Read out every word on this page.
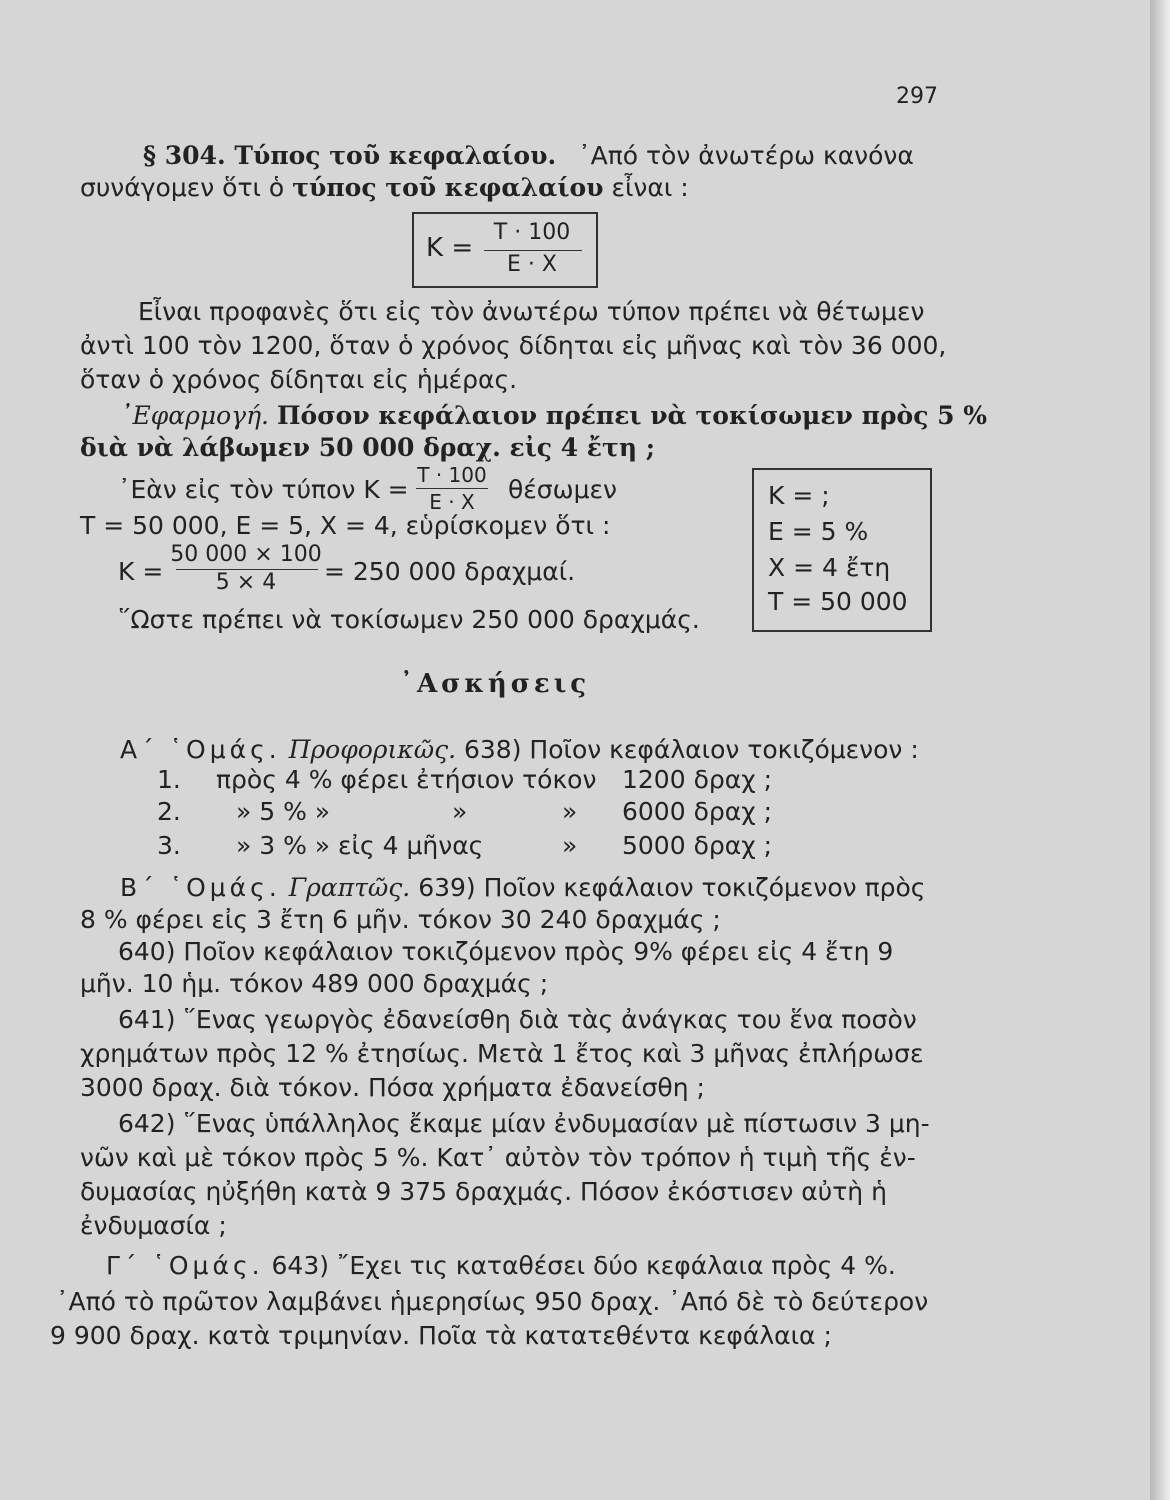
297
§ 304. Τύπος τοῦ κεφαλαίου. ᾿Από τὸν ἀνωτέρω κανόνα
συνάγομεν ὅτι ὁ τύπος τοῦ κεφαλαίου εἶναι :
K =
T · 100
E · X
Εἶναι προφανὲς ὅτι εἰς τὸν ἀνωτέρω τύπον πρέπει νὰ θέτωμεν
ἀντὶ 100 τὸν 1200, ὅταν ὁ χρόνος δίδηται εἰς μῆνας καὶ τὸν 36 000,
ὅταν ὁ χρόνος δίδηται εἰς ἡμέρας.
᾿Εφαρμογή. Πόσον κεφάλαιον πρέπει νὰ τοκίσωμεν πρὸς 5 %
διὰ νὰ λάβωμεν 50 000 δραχ. εἰς 4 ἔτη ;
᾿Εὰν εἰς τὸν τύπον K = T · 100
E · X	θέσωμεν
T = 50 000, E = 5, X = 4, εὑρίσκομεν ὅτι :
K =
50 000 × 100
5 × 4	= 250 000 δραχμαί.
῞Ωστε πρέπει νὰ τοκίσωμεν 250 000 δραχμάς.
K = ;
E = 5 %
X = 4 ἔτη
T = 50 000
᾿Ασκήσεις
Α΄ ῾Ομάς. Προφορικῶς. 638) Ποῖον κεφάλαιον τοκιζόμενον :
1. πρὸς 4 % φέρει ἐτήσιον τόκον 1200 δραχ ;
2. » 5 % »	»	» 6000 δραχ ;
3. » 3 % » εἰς 4 μῆνας	» 5000 δραχ ;
Β΄ ῾Ομάς. Γραπτῶς. 639) Ποῖον κεφάλαιον τοκιζόμενον πρὸς
8 % φέρει εἰς 3 ἔτη 6 μῆν. τόκον 30 240 δραχμάς ;
640) Ποῖον κεφάλαιον τοκιζόμενον πρὸς 9% φέρει εἰς 4 ἔτη 9
μῆν. 10 ἡμ. τόκον 489 000 δραχμάς ;
641) ῞Ενας γεωργὸς ἐδανείσθη διὰ τὰς ἀνάγκας του ἕνα ποσὸν
χρημάτων πρὸς 12 % ἐτησίως. Μετὰ 1 ἔτος καὶ 3 μῆνας ἐπλήρωσε
3000 δραχ. διὰ τόκον. Πόσα χρήματα ἐδανείσθη ;
642) ῞Ενας ὑπάλληλος ἔκαμε μίαν ἐνδυμασίαν μὲ πίστωσιν 3 μη-
νῶν καὶ μὲ τόκον πρὸς 5 %. Κατ᾿ αὐτὸν τὸν τρόπον ἡ τιμὴ τῆς ἐν-
δυμασίας ηὐξήθη κατὰ 9 375 δραχμάς. Πόσον ἐκόστισεν αὐτὴ ἡ
ἐνδυμασία ;
Γ΄ ῾Ομάς. 643) ῎Εχει τις καταθέσει δύο κεφάλαια πρὸς 4 %.
᾿Από τὸ πρῶτον λαμβάνει ἡμερησίως 950 δραχ. ᾿Από δὲ τὸ δεύτερον
9 900 δραχ. κατὰ τριμηνίαν. Ποῖα τὰ κατατεθέντα κεφάλαια ;
